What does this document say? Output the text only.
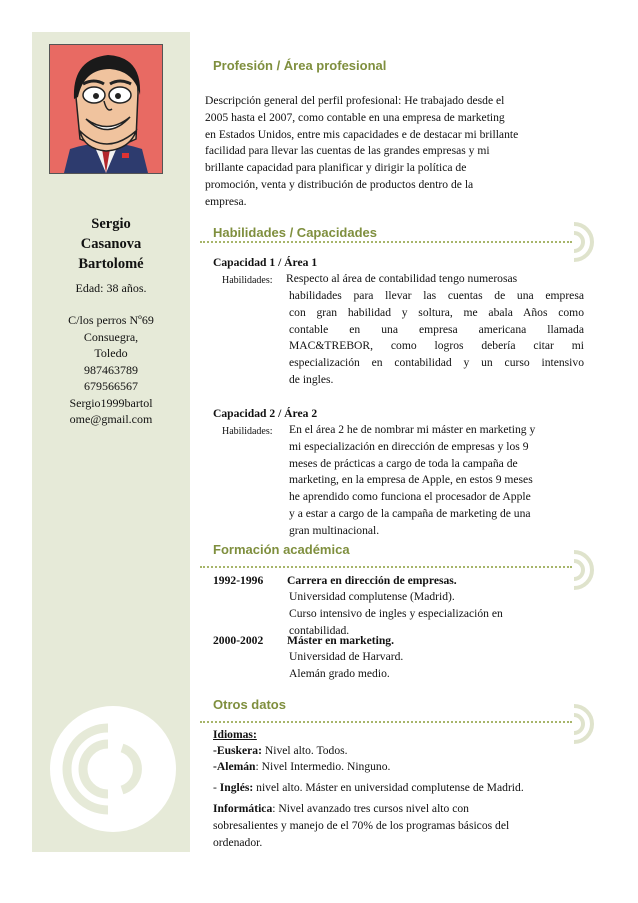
Sergio
Casanova
Bartolomé
Edad: 38 años.
C/los perros Nº69
Consuegra,
Toledo
987463789
679566567
Sergio1999bartol
ome@gmail.com
Profesión / Área profesional
Descripción general del perfil profesional: He trabajado desde el
2005 hasta el 2007, como contable en una empresa de marketing
en Estados Unidos, entre mis capacidades e de destacar mi brillante
facilidad para llevar las cuentas de las grandes empresas y mi
brillante capacidad para planificar y dirigir la política de
promoción, venta y distribución de productos dentro de la
empresa.
Habilidades / Capacidades
Capacidad 1 / Área 1
Habilidades: Respecto al área de contabilidad tengo numerosas
habilidades para llevar las cuentas de una empresa
con gran habilidad y soltura, me abala Años como
contable en una empresa americana llamada
MAC&TREBOR, como logros debería citar mi
especialización en contabilidad y un curso intensivo
de ingles.
Capacidad 2 / Área 2
Habilidades: En el área 2 he de nombrar mi máster en marketing y
mi especialización en dirección de empresas y los 9
meses de prácticas a cargo de toda la campaña de
marketing, en la empresa de Apple, en estos 9 meses
he aprendido como funciona el procesador de Apple
y a estar a cargo de la campaña de marketing de una
gran multinacional.
Formación académica
1992-1996 Carrera en dirección de empresas.
Universidad complutense (Madrid).
Curso intensivo de ingles y especialización en
contabilidad.
2000-2002 Máster en marketing.
Universidad de Harvard.
Alemán grado medio.
Otros datos
Idiomas:
-Euskera: Nivel alto. Todos.
-Alemán: Nivel Intermedio. Ninguno.
- Inglés: nivel alto. Máster en universidad complutense de Madrid.
Informática: Nivel avanzado tres cursos nivel alto con
sobresalientes y manejo de el 70% de los programas básicos del
ordenador.
